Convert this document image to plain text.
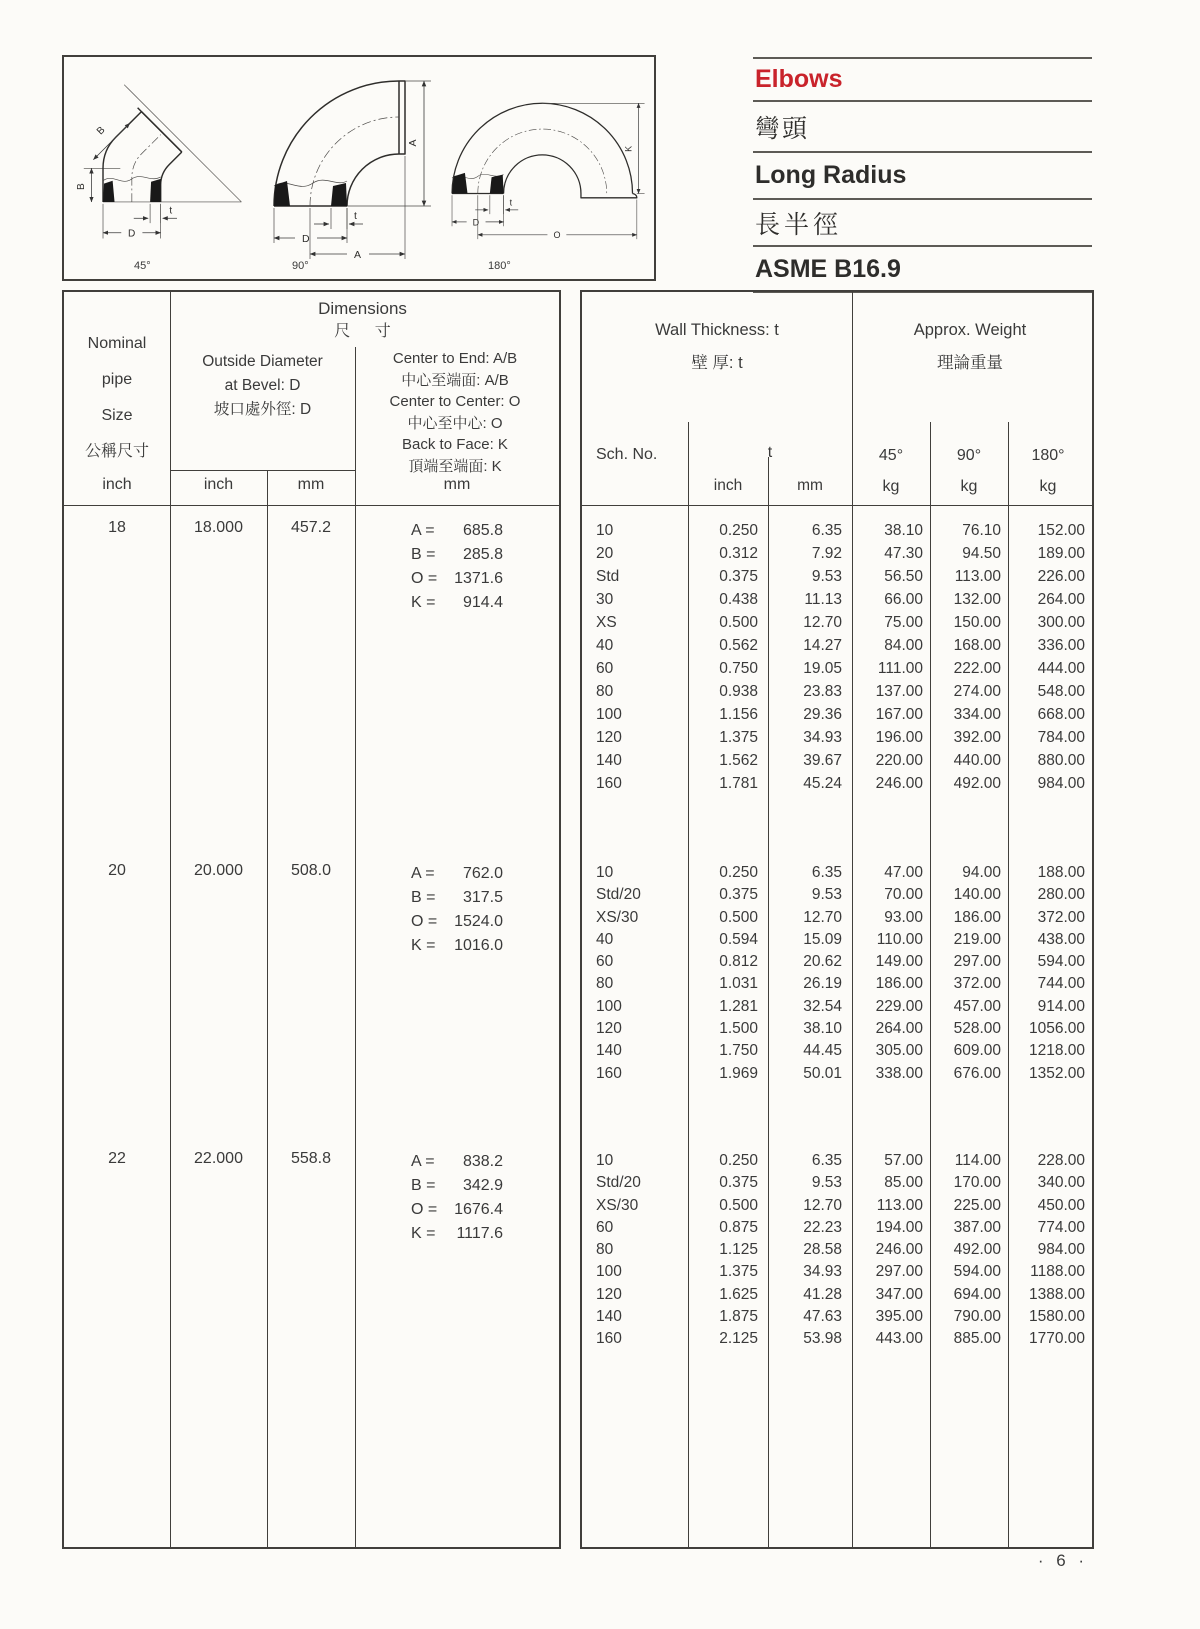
B
B
t
D
A
t
D
A
K
t
D
O
45°	90°	180°
Elbows
彎頭
Long Radius
長半徑
ASME B16.9
Nominal
pipe
Size
公稱尺寸
Dimensions
尺 寸
Outside Diameter
at Bevel: D
坡口處外徑: D
Center to End: A/B
中心至端面: A/B
Center to Center: O
中心至中心: O
Back to Face: K
頂端至端面: K
inch	inch	mm	mm
18	18.000	457.2	A =	685.8
B =	285.8
O =	1371.6
K =	914.4
20	20.000	508.0	A =	762.0
B =	317.5
O =	1524.0
K =	1016.0
22	22.000	558.8	A =	838.2
B =	342.9
O =	1676.4
K =	1117.6
Wall Thickness: t
壁 厚: t
Approx. Weight
理論重量
Sch. No.	t
inch	mm
45°
kg
90°
kg
180°
kg
10	0.250	6.35	38.10	76.10	152.00
20	0.312	7.92	47.30	94.50	189.00
Std	0.375	9.53	56.50	113.00	226.00
30	0.438	11.13	66.00	132.00	264.00
XS	0.500	12.70	75.00	150.00	300.00
40	0.562	14.27	84.00	168.00	336.00
60	0.750	19.05	111.00	222.00	444.00
80	0.938	23.83	137.00	274.00	548.00
100	1.156	29.36	167.00	334.00	668.00
120	1.375	34.93	196.00	392.00	784.00
140	1.562	39.67	220.00	440.00	880.00
160	1.781	45.24	246.00	492.00	984.00
10	0.250	6.35	47.00	94.00	188.00
Std/20	0.375	9.53	70.00	140.00	280.00
XS/30	0.500	12.70	93.00	186.00	372.00
40	0.594	15.09	110.00	219.00	438.00
60	0.812	20.62	149.00	297.00	594.00
80	1.031	26.19	186.00	372.00	744.00
100	1.281	32.54	229.00	457.00	914.00
120	1.500	38.10	264.00	528.00	1056.00
140	1.750	44.45	305.00	609.00	1218.00
160	1.969	50.01	338.00	676.00	1352.00
10	0.250	6.35	57.00	114.00	228.00
Std/20	0.375	9.53	85.00	170.00	340.00
XS/30	0.500	12.70	113.00	225.00	450.00
60	0.875	22.23	194.00	387.00	774.00
80	1.125	28.58	246.00	492.00	984.00
100	1.375	34.93	297.00	594.00	1188.00
120	1.625	41.28	347.00	694.00	1388.00
140	1.875	47.63	395.00	790.00	1580.00
160	2.125	53.98	443.00	885.00	1770.00
· 6 ·
